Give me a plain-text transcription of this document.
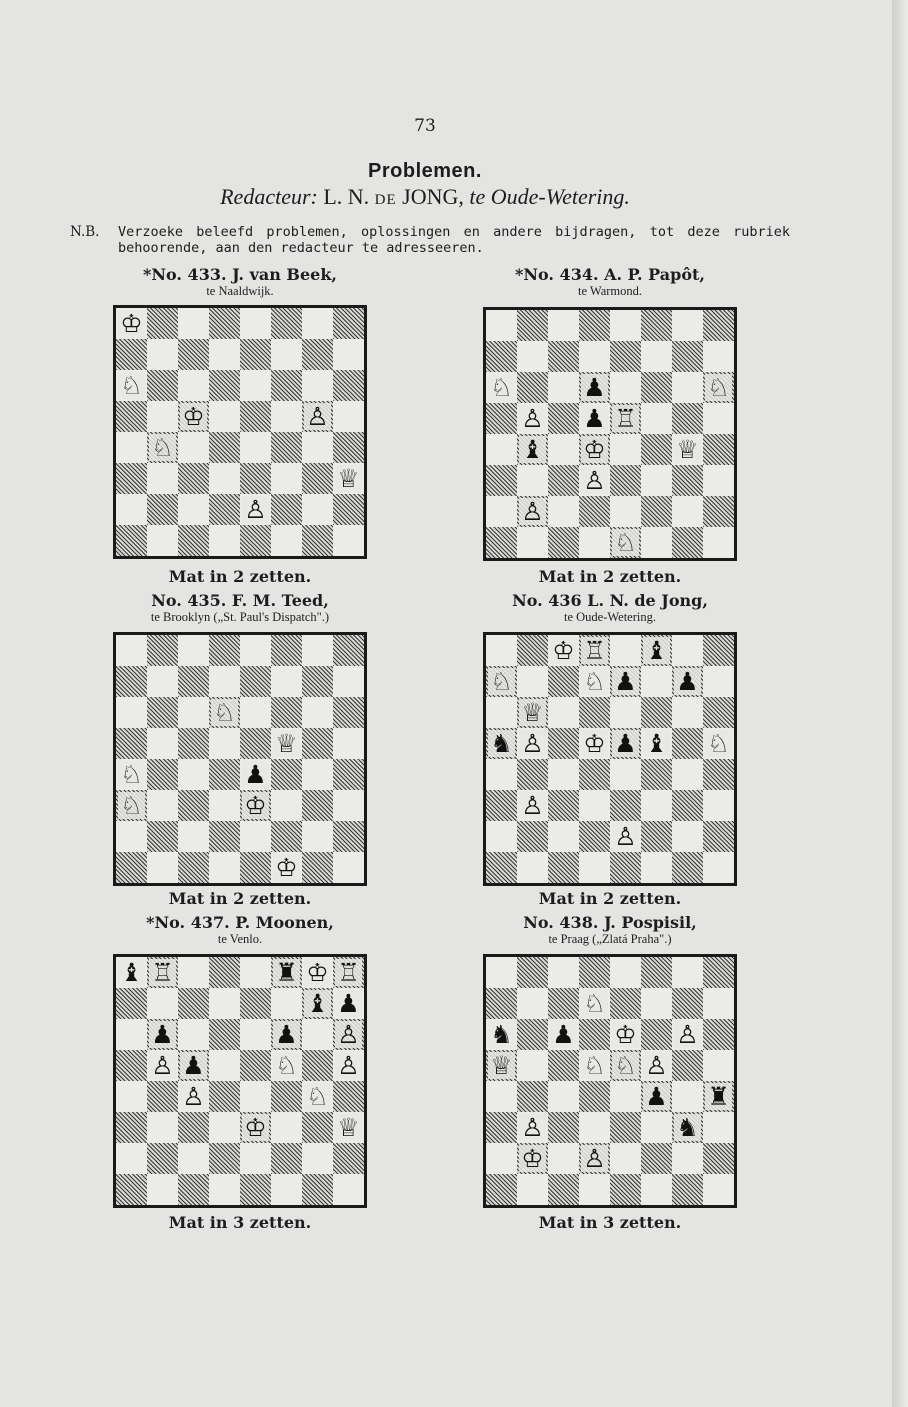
73
Problemen.
Redacteur: L. N. DE JONG, te Oude-Wetering.
N.B. Verzoeke beleefd problemen, oplossingen en andere bijdragen, tot deze rubriek behoorende, aan den redacteur te adresseeren.
*No. 433. J. van Beek,
te Naaldwijk.
♔
♘
♔	♙
♘
♕
♙
Mat in 2 zetten.
*No. 434. A. P. Papôt,
te Warmond.
♘	♟	♘
♙ ♟ ♖
♝ ♔	♕
♙
♙
♘
Mat in 2 zetten.
No. 435. F. M. Teed,
te Brooklyn („St. Paul's Dispatch".)
♘
♕
♘	♟
♘	♔
♔
Mat in 2 zetten.
No. 436 L. N. de Jong,
te Oude-Wetering.
♔ ♖ ♝
♘	♘ ♟ ♟
♕
♞ ♙ ♔ ♟ ♝ ♘
♙
♙
Mat in 2 zetten.
*No. 437. P. Moonen,
te Venlo.
♝ ♖	♜ ♔ ♖
♝ ♟
♟	♟ ♙
♙ ♟	♘ ♙
♙	♘
♔	♕
Mat in 3 zetten.
No. 438. J. Pospisil,
te Praag („Zlatá Praha".)
♘
♞ ♟ ♔ ♙
♕	♘ ♘ ♙
♟ ♜
♙	♞
♔ ♙
Mat in 3 zetten.
